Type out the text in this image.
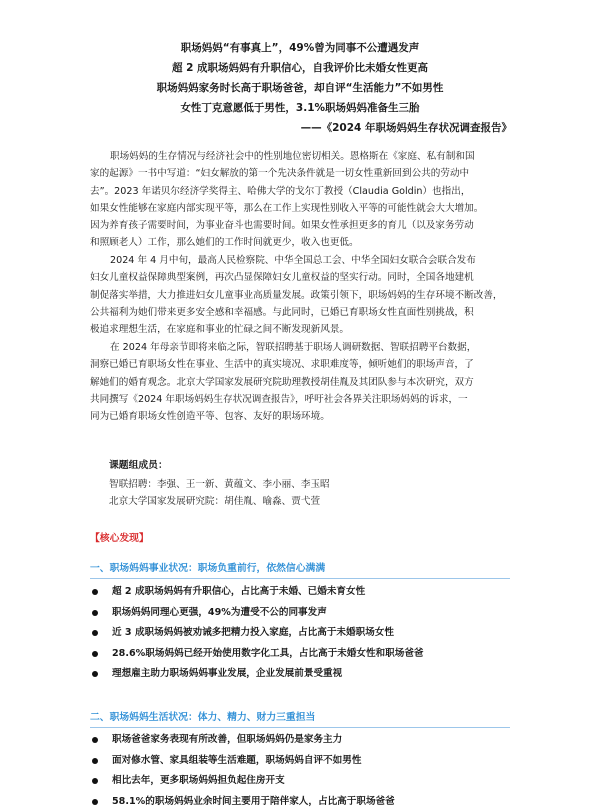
职场妈妈“有事真上”，49%曾为同事不公遭遇发声
超 2 成职场妈妈有升职信心，自我评价比未婚女性更高
职场妈妈家务时长高于职场爸爸，却自评“生活能力”不如男性
女性丁克意愿低于男性，3.1%职场妈妈准备生三胎
——《2024 年职场妈妈生存状况调查报告》
职场妈妈的生存情况与经济社会中的性别地位密切相关。恩格斯在《家庭、私有制和国
家的起源》一书中写道：“妇女解放的第一个先决条件就是一切女性重新回到公共的劳动中
去”。2023 年诺贝尔经济学奖得主、哈佛大学的戈尔丁教授（Claudia Goldin）也指出，
如果女性能够在家庭内部实现平等，那么在工作上实现性别收入平等的可能性就会大大增加。
因为养育孩子需要时间，为事业奋斗也需要时间。如果女性承担更多的育儿（以及家务劳动
和照顾老人）工作，那么她们的工作时间就更少，收入也更低。
2024 年 4 月中旬，最高人民检察院、中华全国总工会、中华全国妇女联合会联合发布
妇女儿童权益保障典型案例，再次凸显保障妇女儿童权益的坚实行动。同时，全国各地建机
制促落实举措，大力推进妇女儿童事业高质量发展。政策引领下，职场妈妈的生存环境不断改善，
公共福利为她们带来更多安全感和幸福感。与此同时，已婚已育职场女性直面性别挑战，积
极追求理想生活，在家庭和事业的忙碌之间不断发现新风景。
在 2024 年母亲节即将来临之际，智联招聘基于职场人调研数据、智联招聘平台数据，
洞察已婚已育职场女性在事业、生活中的真实境况、求职难度等，倾听她们的职场声音，了
解她们的婚育观念。北京大学国家发展研究院助理教授胡佳胤及其团队参与本次研究，双方
共同撰写《2024 年职场妈妈生存状况调查报告》，呼吁社会各界关注职场妈妈的诉求，一
同为已婚育职场女性创造平等、包容、友好的职场环境。
课题组成员：
智联招聘：李强、王一新、黄蕴文、李小丽、李玉昭
北京大学国家发展研究院：胡佳胤、喻淼、贾弋萱
【核心发现】
一、职场妈妈事业状况：职场负重前行，依然信心满满
超 2 成职场妈妈有升职信心，占比高于未婚、已婚未育女性
职场妈妈同理心更强，49%为遭受不公的同事发声
近 3 成职场妈妈被劝诫多把精力投入家庭，占比高于未婚职场女性
28.6%职场妈妈已经开始使用数字化工具，占比高于未婚女性和职场爸爸
理想雇主助力职场妈妈事业发展，企业发展前景受重视
二、职场妈妈生活状况：体力、精力、财力三重担当
职场爸爸家务表现有所改善，但职场妈妈仍是家务主力
面对修水管、家具组装等生活难题，职场妈妈自评不如男性
相比去年，更多职场妈妈担负起住房开支
58.1%的职场妈妈业余时间主要用于陪伴家人，占比高于职场爸爸
